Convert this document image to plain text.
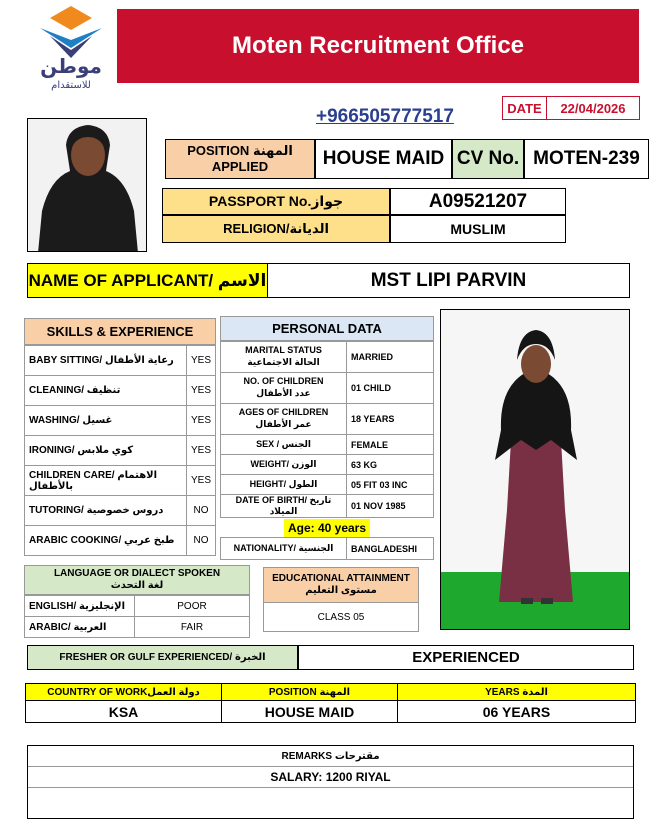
موطن
للاستقدام
Moten Recruitment Office
+966505777517	DATE	22/04/2026
POSITION المهنة
APPLIED	HOUSE MAID CV No. MOTEN-239
PASSPORT No.جواز	A09521207
RELIGION/الديانة	MUSLIM
NAME OF APPLICANT/ الاسم	MST LIPI PARVIN
SKILLS & EXPERIENCE
BABY SITTING/ رعاية الأطفال	YES
CLEANING/ تنظيف	YES
WASHING/ غسيل	YES
IRONING/ كوي ملابس	YES
CHILDREN CARE/ الاهتمام بالأطفال	YES
TUTORING/ دروس خصوصية	NO
ARABIC COOKING/ طبخ عربي	NO
PERSONAL DATA
MARITAL STATUS
الحالة الاجتماعية	MARRIED

NO. OF CHILDREN
عدد الأطفال	01 CHILD

AGES OF CHILDREN
عمر الأطفال	18 YEARS
SEX / الجنس	FEMALE
WEIGHT/ الوزن	63 KG
HEIGHT/ الطول	05 FIT 03 INC
DATE OF BIRTH/ تاريخ الميلاد	01 NOV 1985
Age: 40 years	
NATIONALITY/ الجنسية	BANGLADESHI
LANGUAGE OR DIALECT SPOKEN
لغة التحدث
ENGLISH/ الإنجليزية	POOR
ARABIC/ العربية	FAIR
EDUCATIONAL ATTAINMENT
مستوى التعليم
CLASS 05
FRESHER OR GULF EXPERIENCED/ الخبرة	EXPERIENCED
COUNTRY OF WORKدولة العمل	POSITION المهنة	YEARS المدة
KSA	HOUSE MAID	06 YEARS
REMARKS مقترحات
SALARY: 1200 RIYAL
